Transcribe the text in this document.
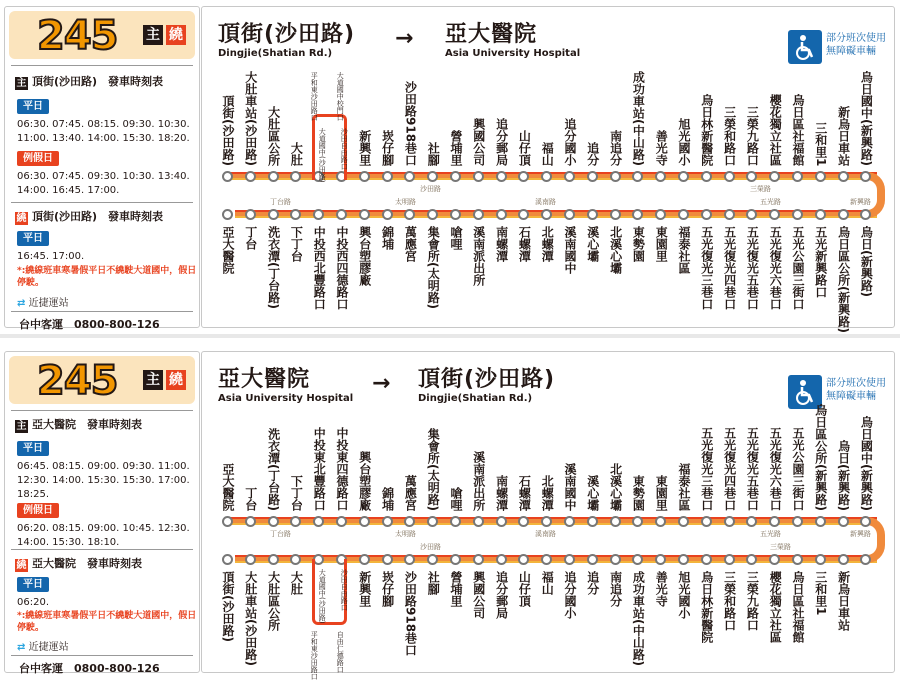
245 主 繞
主 頂街(沙田路)　發車時刻表
平日
06:30. 07:45. 08:15. 09:30. 10:30. 11:00. 13:40. 14:00. 15:30. 18:20.
例假日
06:30. 07:45. 09:30. 10:30. 13:40. 14:00. 16:45. 17:00.
繞 頂街(沙田路)　發車時刻表
平日
16:45. 17:00.
*:繞線班車寒暑假平日不繞駛大道國中，假日停駛。
⇄ 近捷運站
台中客運　0800-800-126
頂街(沙田路)
Dingjie(Shatian Rd.)
→ 亞大醫院
Asia University Hospital
部分班次使用
無障礙車輛
頂街(沙田路) 大肚車站(沙田路) 大肚區公所 大肚	新興里 崁仔腳 沙田路918巷口 社腳 營埔里 興國公司 追分郵局 山仔頂 福山 追分國小 追分 南追分 成功車站(中山路) 善光寺 旭光國小 烏日林新醫院 三榮和路口 三榮九路口 櫻花獨立社區 烏日區社福館 三和里1 新烏日車站 烏日國中(新興路)
亞大醫院 丁台 洗衣潭(丁台路) 下丁台 中投西北豐路口 中投西四德路口 興台塑膠廠 錦埔 萬應宮 集會所(太明路) 嗆哩 溪南派出所 南螺潭 石螺潭 北螺潭 溪南國中 溪心壩 北溪心壩 東勢園 東園里 福泰社區 五光復光三巷口 五光復光四巷口 五光復光五巷口 五光復光六巷口 五光公園三街口 五光新興路口 烏日區公所(新興路) 烏日(新興路)
平和東沙田路口	大道國中校門口
大道國中(沙田路) 沙田自由路口
沙田路	三榮路
丁台路	太明路	溪南路	五光路	新興路
245 主 繞
主 亞大醫院　發車時刻表
平日
06:45. 08:15. 09:00. 09:30. 11:00. 12:30. 14:00. 15:30. 15:30. 17:00. 18:25.
例假日
06:20. 08:15. 09:00. 10:45. 12:30. 14:00. 15:30. 18:10.
繞 亞大醫院　發車時刻表
平日
06:20.
*:繞線班車寒暑假平日不繞駛大道國中，假日停駛。
⇄ 近捷運站
台中客運　0800-800-126
亞大醫院
Asia University Hospital
→ 頂街(沙田路)
Dingjie(Shatian Rd.)
部分班次使用
無障礙車輛
亞大醫院 丁台 洗衣潭(丁台路) 下丁台 中投東北豐路口 中投東四德路口 興台塑膠廠 錦埔 萬應宮 集會所(太明路) 嗆哩 溪南派出所 南螺潭 石螺潭 北螺潭 溪南國中 溪心壩 北溪心壩 東勢園 東園里 福泰社區 五光復光三巷口 五光復光四巷口 五光復光五巷口 五光復光六巷口 五光公園三街口 烏日區公所(新興路) 烏日(新興路) 烏日國中(新興路)
頂街(沙田路) 大肚車站(沙田路) 大肚區公所 大肚	新興里 崁仔腳 沙田路918巷口 社腳 營埔里 興國公司 追分郵局 山仔頂 福山 追分國小 追分 南追分 成功車站(中山路) 善光寺 旭光國小 烏日林新醫院 三榮和路口 三榮九路口 櫻花獨立社區 烏日區社福館 三和里1 新烏日車站
大道國中(沙田路) 沙田自由路口
平和東沙田路口	自由仁德路口
丁台路	太明路	溪南路	五光路	新興路
沙田路	三榮路
